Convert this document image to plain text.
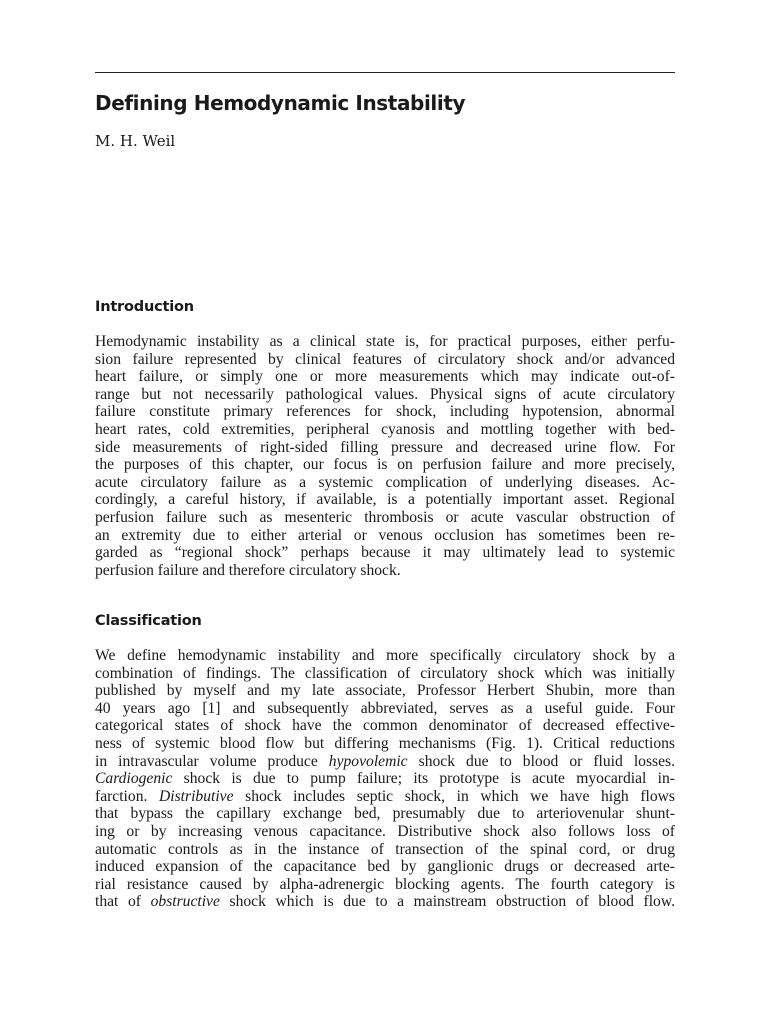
Defining Hemodynamic Instability

M. H. Weil

Introduction
Hemodynamic instability as a clinical state is, for practical purposes, either perfu-
sion failure represented by clinical features of circulatory shock and/or advanced
heart failure, or simply one or more measurements which may indicate out-of-
range but not necessarily pathological values. Physical signs of acute circulatory
failure constitute primary references for shock, including hypotension, abnormal
heart rates, cold extremities, peripheral cyanosis and mottling together with bed-
side measurements of right-sided filling pressure and decreased urine flow. For
the purposes of this chapter, our focus is on perfusion failure and more precisely,
acute circulatory failure as a systemic complication of underlying diseases. Ac-
cordingly, a careful history, if available, is a potentially important asset. Regional
perfusion failure such as mesenteric thrombosis or acute vascular obstruction of
an extremity due to either arterial or venous occlusion has sometimes been re-
garded as “regional shock” perhaps because it may ultimately lead to systemic
perfusion failure and therefore circulatory shock.
Classification
We define hemodynamic instability and more specifically circulatory shock by a
combination of findings. The classification of circulatory shock which was initially
published by myself and my late associate, Professor Herbert Shubin, more than
40 years ago [1] and subsequently abbreviated, serves as a useful guide. Four
categorical states of shock have the common denominator of decreased effective-
ness of systemic blood flow but differing mechanisms (Fig. 1). Critical reductions
in intravascular volume produce hypovolemic shock due to blood or fluid losses.
Cardiogenic shock is due to pump failure; its prototype is acute myocardial in-
farction. Distributive shock includes septic shock, in which we have high flows
that bypass the capillary exchange bed, presumably due to arteriovenular shunt-
ing or by increasing venous capacitance. Distributive shock also follows loss of
automatic controls as in the instance of transection of the spinal cord, or drug
induced expansion of the capacitance bed by ganglionic drugs or decreased arte-
rial resistance caused by alpha-adrenergic blocking agents. The fourth category is
that of obstructive shock which is due to a mainstream obstruction of blood flow.
